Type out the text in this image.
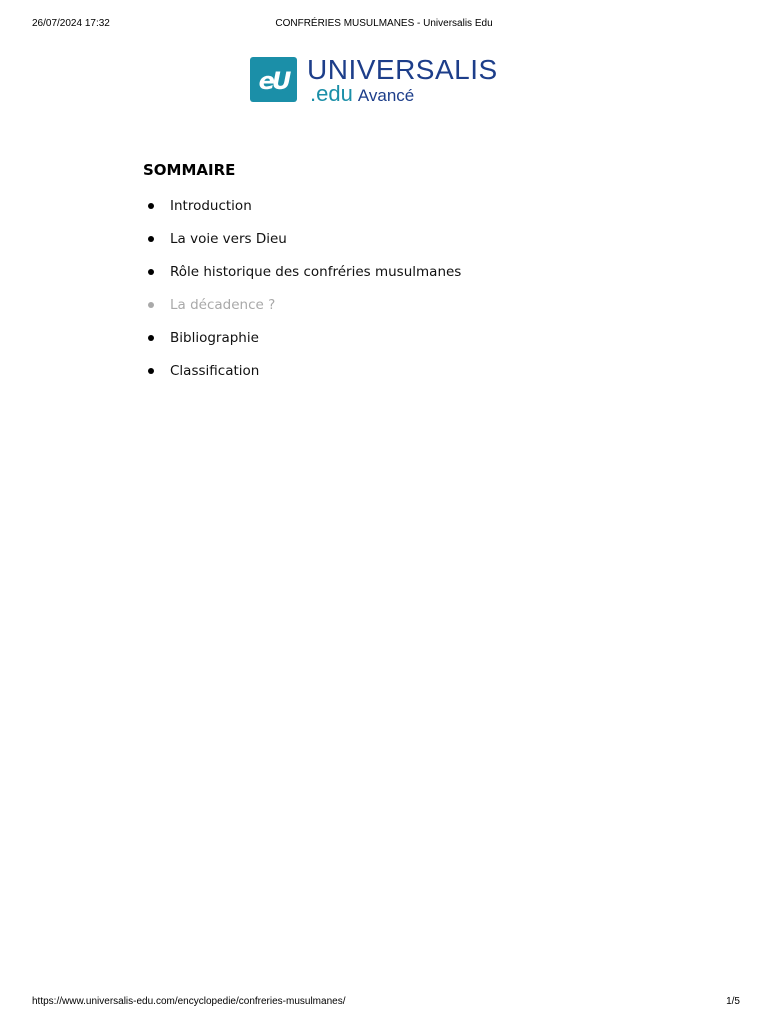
26/07/2024 17:32	CONFRÉRIES MUSULMANES - Universalis Edu
eU UNIVERSALIS
.edu Avancé
SOMMAIRE
Introduction
La voie vers Dieu
Rôle historique des confréries musulmanes
La décadence ?
Bibliographie
Classification
https://www.universalis-edu.com/encyclopedie/confreries-musulmanes/	1/5
